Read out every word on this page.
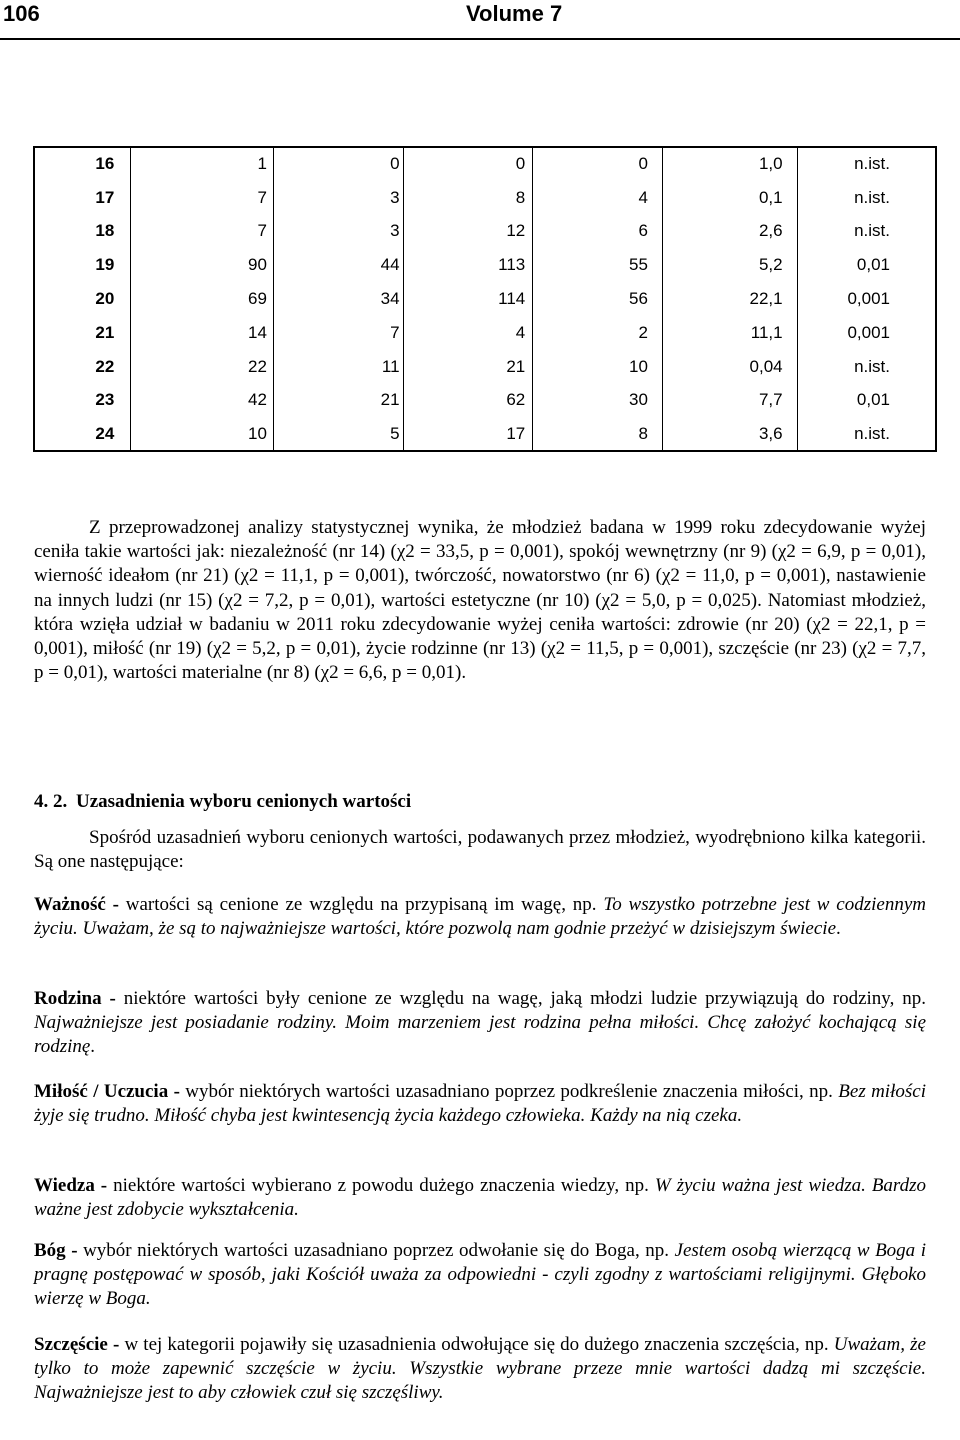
106	Volume 7
16	1	0	0	0	1,0	n.ist.
17	7	3	8	4	0,1	n.ist.
18	7	3	12	6	2,6	n.ist.
19	90	44	113	55	5,2	0,01
20	69	34	114	56	22,1	0,001
21	14	7	4	2	11,1	0,001
22	22	11	21	10	0,04	n.ist.
23	42	21	62	30	7,7	0,01
24	10	5	17	8	3,6	n.ist.
Z przeprowadzonej analizy statystycznej wynika, że młodzież badana w 1999 roku zdecydowanie wyżej ceniła takie wartości jak: niezależność (nr 14) (χ2 = 33,5, p = 0,001), spokój wewnętrzny (nr 9) (χ2 = 6,9, p = 0,01), wierność ideałom (nr 21) (χ2 = 11,1, p = 0,001), twórczość, nowatorstwo (nr 6) (χ2 = 11,0, p = 0,001), nastawienie na innych ludzi (nr 15) (χ2 = 7,2, p = 0,01), wartości estetyczne (nr 10) (χ2 = 5,0, p = 0,025). Natomiast młodzież, która wzięła udział w badaniu w 2011 roku zdecydowanie wyżej ceniła wartości: zdrowie (nr 20) (χ2 = 22,1, p = 0,001), miłość (nr 19) (χ2 = 5,2, p = 0,01), życie rodzinne (nr 13) (χ2 = 11,5, p = 0,001), szczęście (nr 23) (χ2 = 7,7, p = 0,01), wartości materialne (nr 8) (χ2 = 6,6, p = 0,01).
4. 2. Uzasadnienia wyboru cenionych wartości
Spośród uzasadnień wyboru cenionych wartości, podawanych przez młodzież, wyodrębniono kilka kategorii. Są one następujące:
Ważność - wartości są cenione ze względu na przypisaną im wagę, np. To wszystko potrzebne jest w codziennym życiu. Uważam, że są to najważniejsze wartości, które pozwolą nam godnie przeżyć w dzisiejszym świecie.
Rodzina - niektóre wartości były cenione ze względu na wagę, jaką młodzi ludzie przywiązują do rodziny, np. Najważniejsze jest posiadanie rodziny. Moim marzeniem jest rodzina pełna miłości. Chcę założyć kochającą się rodzinę.
Miłość / Uczucia - wybór niektórych wartości uzasadniano poprzez podkreślenie znaczenia miłości, np. Bez miłości żyje się trudno. Miłość chyba jest kwintesencją życia każdego człowieka. Każdy na nią czeka.
Wiedza - niektóre wartości wybierano z powodu dużego znaczenia wiedzy, np. W życiu ważna jest wiedza. Bardzo ważne jest zdobycie wykształcenia.
Bóg - wybór niektórych wartości uzasadniano poprzez odwołanie się do Boga, np. Jestem osobą wierzącą w Boga i pragnę postępować w sposób, jaki Kościół uważa za odpowiedni - czyli zgodny z wartościami religijnymi. Głęboko wierzę w Boga.
Szczęście - w tej kategorii pojawiły się uzasadnienia odwołujące się do dużego znaczenia szczęścia, np. Uważam, że tylko to może zapewnić szczęście w życiu. Wszystkie wybrane przeze mnie wartości dadzą mi szczęście. Najważniejsze jest to aby człowiek czuł się szczęśliwy.
